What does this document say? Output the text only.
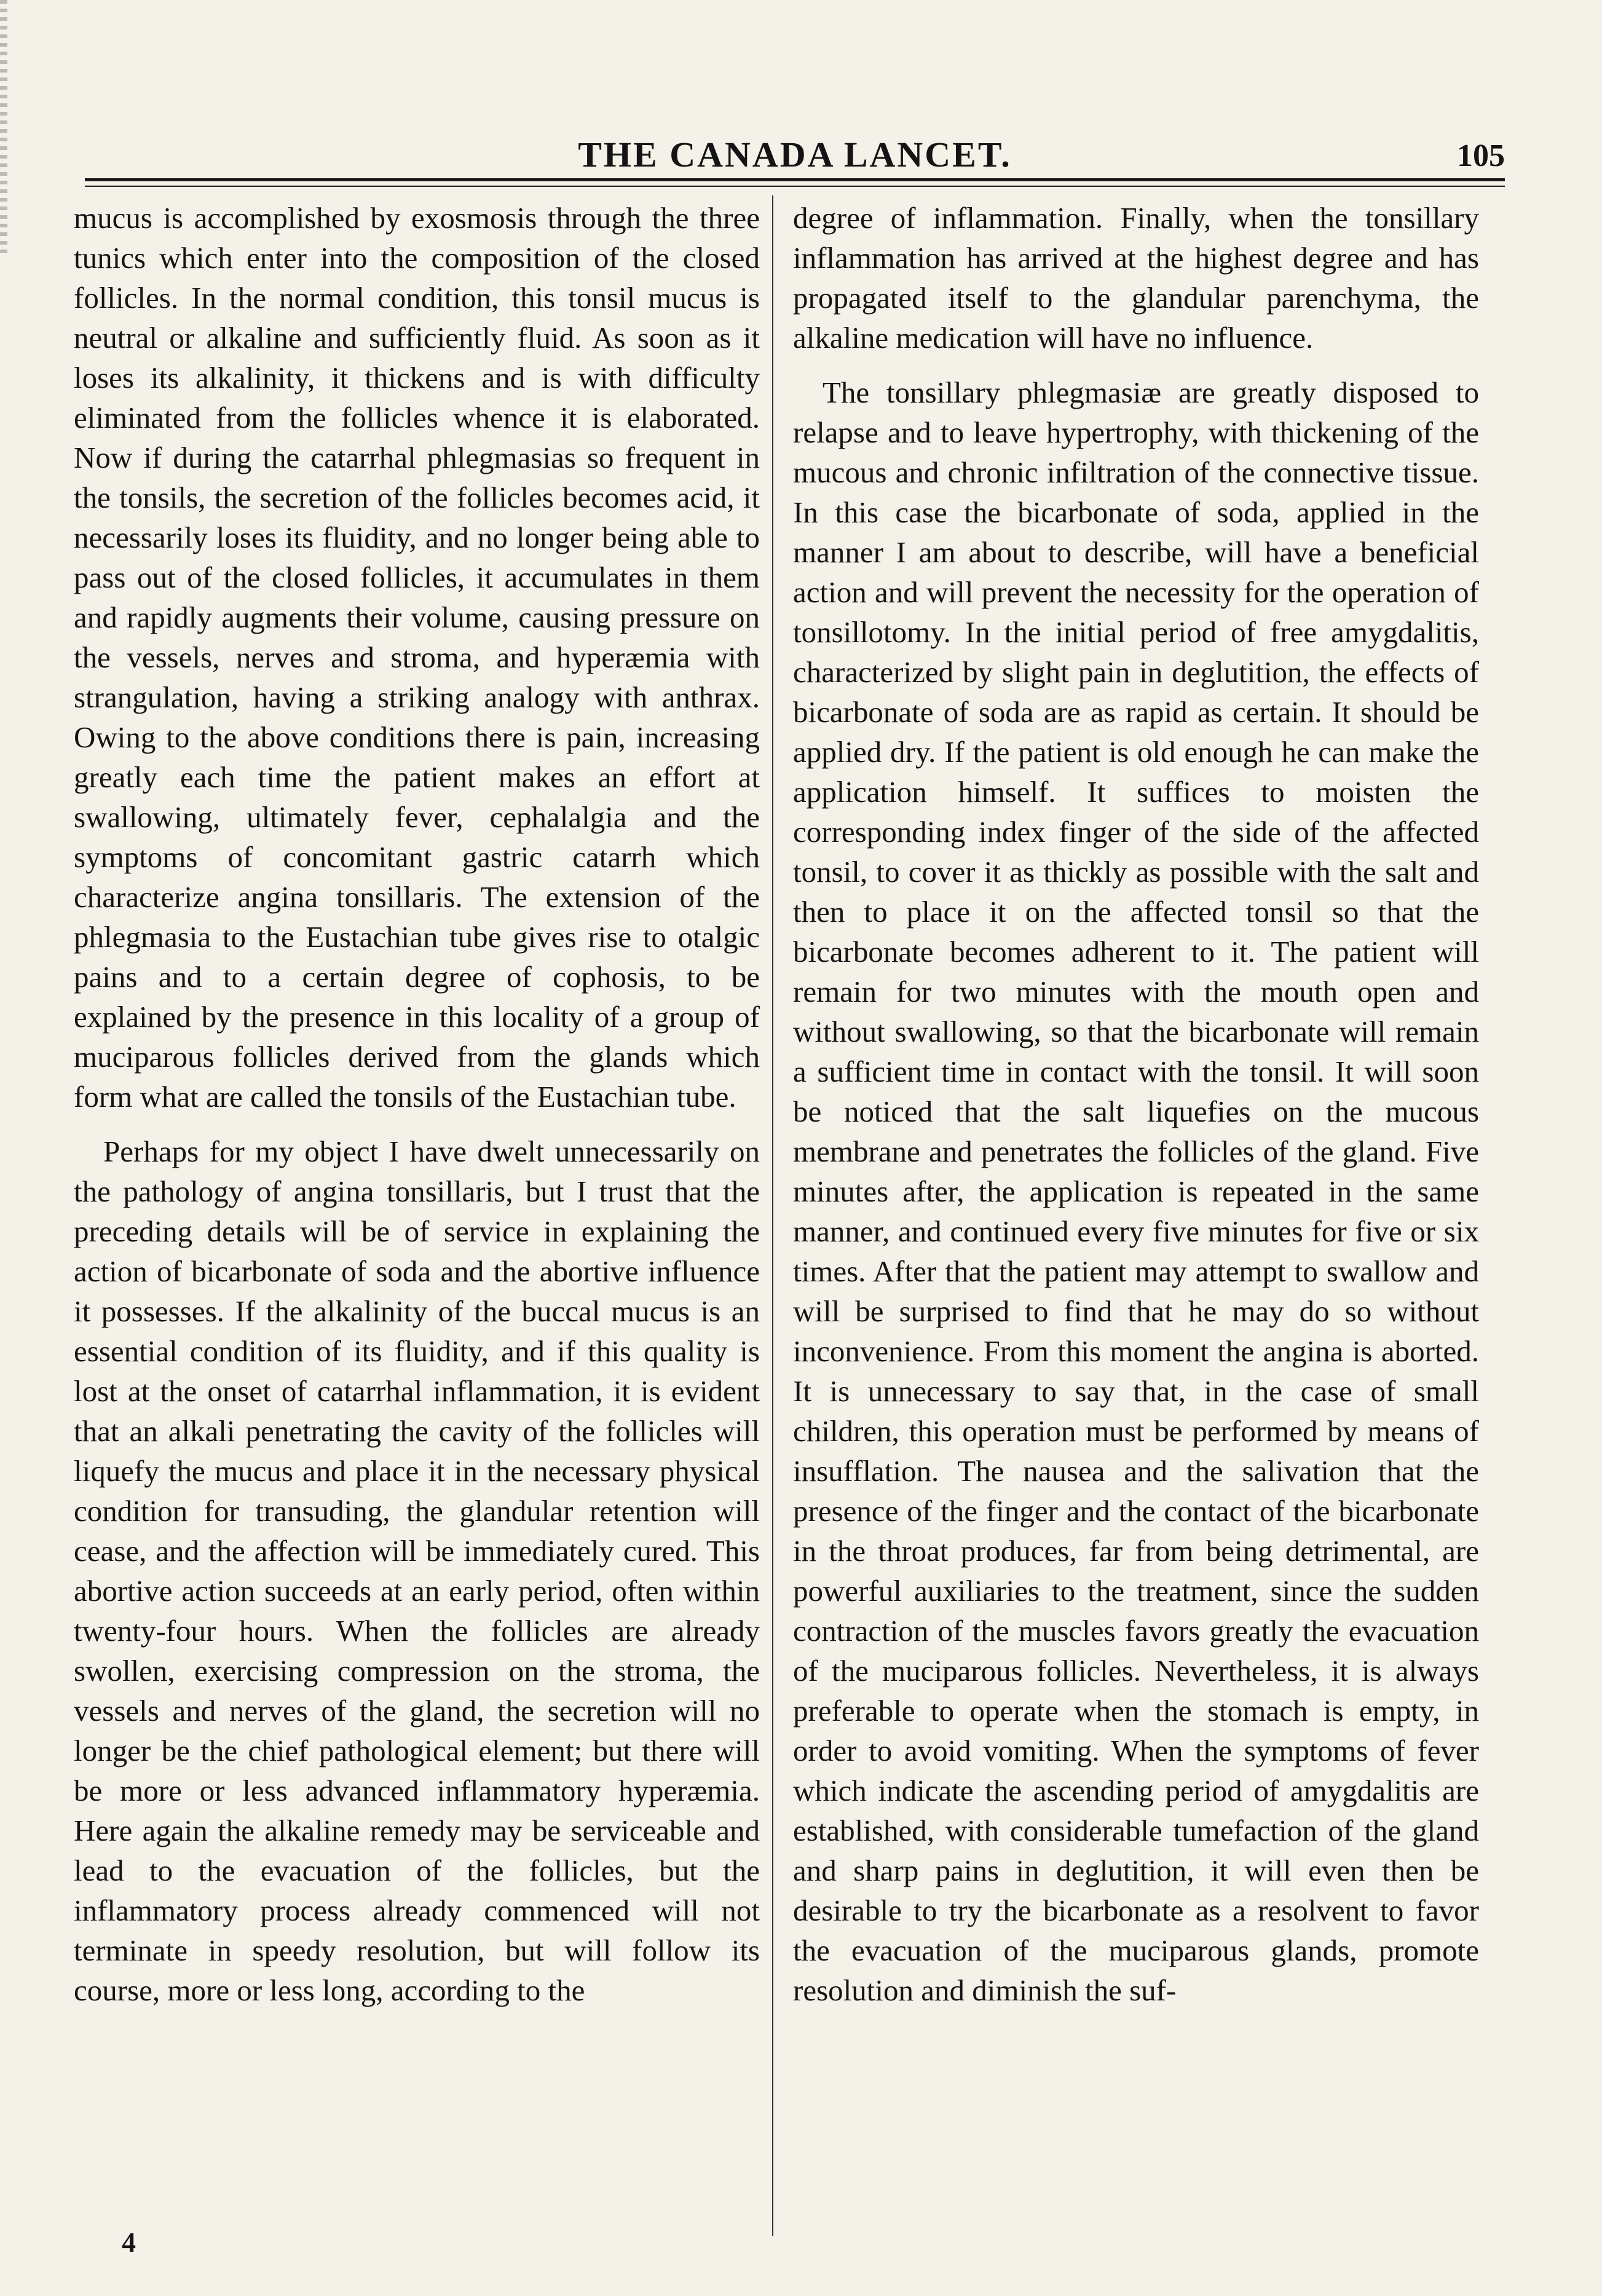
THE CANADA LANCET.	105

mucus is accomplished by exosmosis through the three tunics which enter into the composition of the closed follicles. In the normal condition, this tonsil mucus is neutral or alkaline and sufficiently fluid. As soon as it loses its alkalinity, it thickens and is with difficulty eliminated from the follicles whence it is elaborated. Now if during the catarrhal phlegmasias so frequent in the tonsils, the secretion of the follicles becomes acid, it necessarily loses its fluidity, and no longer being able to pass out of the closed follicles, it accumulates in them and rapidly augments their volume, causing pressure on the vessels, nerves and stroma, and hyperæmia with strangulation, having a striking analogy with anthrax. Owing to the above conditions there is pain, increasing greatly each time the patient makes an effort at swallowing, ultimately fever, cephalalgia and the symptoms of concomitant gastric catarrh which characterize angina tonsillaris. The extension of the phlegmasia to the Eustachian tube gives rise to otalgic pains and to a certain degree of cophosis, to be explained by the presence in this locality of a group of muciparous follicles derived from the glands which form what are called the tonsils of the Eustachian tube.

Perhaps for my object I have dwelt unnecessarily on the pathology of angina tonsillaris, but I trust that the preceding details will be of service in explaining the action of bicarbonate of soda and the abortive influence it possesses. If the alkalinity of the buccal mucus is an essential condition of its fluidity, and if this quality is lost at the onset of catarrhal inflammation, it is evident that an alkali penetrating the cavity of the follicles will liquefy the mucus and place it in the necessary physical condition for transuding, the glandular retention will cease, and the affection will be immediately cured. This abortive action succeeds at an early period, often within twenty-four hours. When the follicles are already swollen, exercising compression on the stroma, the vessels and nerves of the gland, the secretion will no longer be the chief pathological element; but there will be more or less advanced inflammatory hyperæmia. Here again the alkaline remedy may be serviceable and lead to the evacuation of the follicles, but the inflammatory process already commenced will not terminate in speedy resolution, but will follow its course, more or less long, according to the

degree of inflammation. Finally, when the tonsillary inflammation has arrived at the highest degree and has propagated itself to the glandular parenchyma, the alkaline medication will have no influence.

The tonsillary phlegmasiæ are greatly disposed to relapse and to leave hypertrophy, with thickening of the mucous and chronic infiltration of the connective tissue. In this case the bicarbonate of soda, applied in the manner I am about to describe, will have a beneficial action and will prevent the necessity for the operation of tonsillotomy. In the initial period of free amygdalitis, characterized by slight pain in deglutition, the effects of bicarbonate of soda are as rapid as certain. It should be applied dry. If the patient is old enough he can make the application himself. It suffices to moisten the corresponding index finger of the side of the affected tonsil, to cover it as thickly as possible with the salt and then to place it on the affected tonsil so that the bicarbonate becomes adherent to it. The patient will remain for two minutes with the mouth open and without swallowing, so that the bicarbonate will remain a sufficient time in contact with the tonsil. It will soon be noticed that the salt liquefies on the mucous membrane and penetrates the follicles of the gland. Five minutes after, the application is repeated in the same manner, and continued every five minutes for five or six times. After that the patient may attempt to swallow and will be surprised to find that he may do so without inconvenience. From this moment the angina is aborted. It is unnecessary to say that, in the case of small children, this operation must be performed by means of insufflation. The nausea and the salivation that the presence of the finger and the contact of the bicarbonate in the throat produces, far from being detrimental, are powerful auxiliaries to the treatment, since the sudden contraction of the muscles favors greatly the evacuation of the muciparous follicles. Nevertheless, it is always preferable to operate when the stomach is empty, in order to avoid vomiting. When the symptoms of fever which indicate the ascending period of amygdalitis are established, with considerable tumefaction of the gland and sharp pains in deglutition, it will even then be desirable to try the bicarbonate as a resolvent to favor the evacuation of the muciparous glands, promote resolution and diminish the suf-

4
